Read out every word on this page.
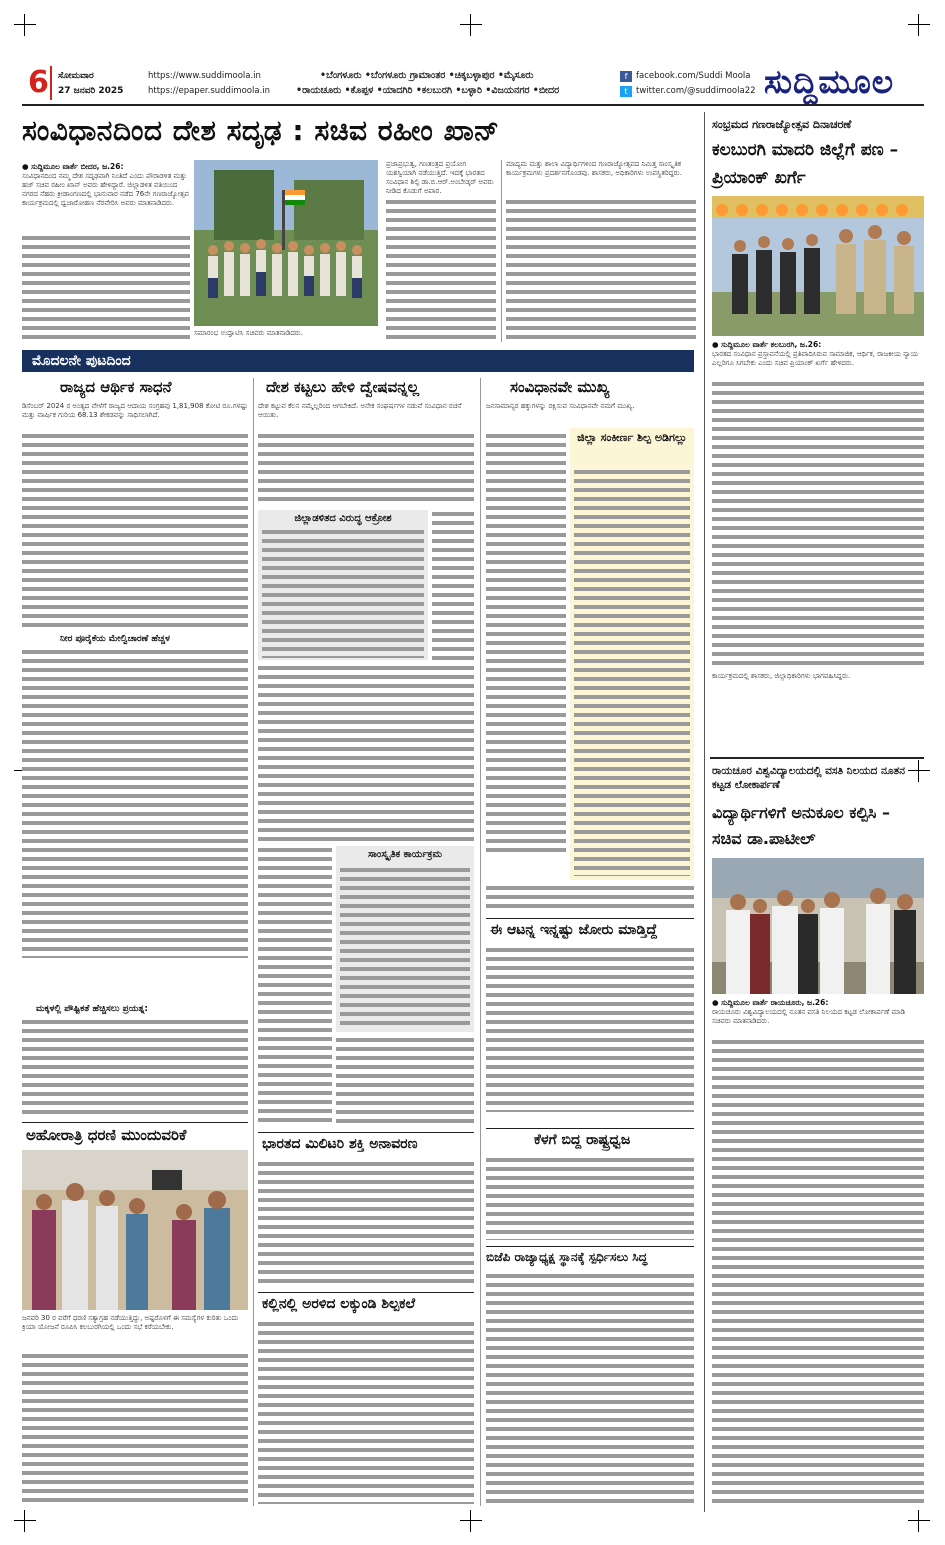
6 ಸೋಮವಾರ
27 ಜನವರಿ 2025
https://www.suddimoola.in
https://epaper.suddimoola.in
•ಬೆಂಗಳೂರು •ಬೆಂಗಳೂರು ಗ್ರಾಮಾಂತರ •ಚಿಕ್ಕಬಳ್ಳಾಪುರ •ಮೈಸೂರು
•ರಾಯಚೂರು •ಕೊಪ್ಪಳ •ಯಾದಗಿರಿ •ಕಲಬುರಗಿ •ಬಳ್ಳಾರಿ •ವಿಜಯನಗರ •ಬೀದರ
f	facebook.com/Suddi Moola
t twitter.com/@suddimoola22 ಸುದ್ದಿಮೂಲ
ಸಂವಿಧಾನದಿಂದ ದೇಶ ಸದೃಢ : ಸಚಿವ ರಹೀಂ ಖಾನ್
● ಸುದ್ದಿಮೂಲ ವಾರ್ತೆ ಬೀದರ, ಜ.26:
ಸಂವಿಧಾನದಿಂದ ನಮ್ಮ ದೇಶ ಸದೃಢವಾಗಿ ನಿಂತಿದೆ ಎಂದು ಪೌರಾಡಳಿತ ಮತ್ತು ಹಜ್ ಸಚಿವ ರಹೀಂ ಖಾನ್ ಅವರು ಹೇಳಿದ್ದಾರೆ. ಜಿಲ್ಲಾಡಳಿತ ವತಿಯಿಂದ ನಗರದ ನೆಹರು ಕ್ರೀಡಾಂಗಣದಲ್ಲಿ ಭಾನುವಾರ ನಡೆದ 76ನೇ ಗಣರಾಜ್ಯೋತ್ಸವ ಕಾರ್ಯಕ್ರಮದಲ್ಲಿ ಧ್ವಜಾರೋಹಣ ನೆರವೇರಿಸಿ ಅವರು ಮಾತನಾಡಿದರು.
ಸಮಾರಂಭ ಉದ್ಘಾಟಿಸಿ ಸಚಿವರು ಮಾತನಾಡಿದರು.
ಪ್ರಜಾಪ್ರಭುತ್ವ, ಗಣತಂತ್ರದ ಪ್ರಯೋಗ ಯಶಸ್ವಿಯಾಗಿ ನಡೆಯುತ್ತಿದೆ. ಇದಕ್ಕೆ ಭಾರತದ ಸಂವಿಧಾನ ಶಿಲ್ಪಿ ಡಾ.ಬಿ.ಆರ್.ಅಂಬೇಡ್ಕರ್ ಅವರು ನೀಡಿದ ಕೊಡುಗೆ ಅಪಾರ.
ಮಾದ್ಯಮ ಮತ್ತು ಶಾಲಾ ವಿದ್ಯಾರ್ಥಿಗಳಿಂದ ಗಣರಾಜ್ಯೋತ್ಸವದ ನಿಮಿತ್ತ ಸಾಂಸ್ಕೃತಿಕ ಕಾರ್ಯಕ್ರಮಗಳು ಪ್ರದರ್ಶನಗೊಂಡವು. ಶಾಸಕರು, ಅಧಿಕಾರಿಗಳು ಉಪಸ್ಥಿತರಿದ್ದರು.
ಸಂಭ್ರಮದ ಗಣರಾಜ್ಯೋತ್ಸವ ದಿನಾಚರಣೆ
ಕಲಬುರಗಿ ಮಾದರಿ ಜಿಲ್ಲೆಗೆ ಪಣ – ಪ್ರಿಯಾಂಕ್ ಖರ್ಗೆ
● ಸುದ್ದಿಮೂಲ ವಾರ್ತೆ ಕಲಬುರಗಿ, ಜ.26:
ಭಾರತದ ಸಂವಿಧಾನ ಪ್ರಸ್ತಾವನೆಯಲ್ಲಿ ಪ್ರತಿಪಾದಿಸಿರುವ ಸಾಮಾಜಿಕ, ಆರ್ಥಿಕ, ರಾಜಕೀಯ ನ್ಯಾಯ ಎಲ್ಲರಿಗೂ ಸಿಗಬೇಕು ಎಂದು ಸಚಿವ ಪ್ರಿಯಾಂಕ್ ಖರ್ಗೆ ಹೇಳಿದರು.
ಕಾರ್ಯಕ್ರಮದಲ್ಲಿ ಶಾಸಕರು, ಜಿಲ್ಲಾಧಿಕಾರಿಗಳು ಭಾಗವಹಿಸಿದ್ದರು.
ಮೊದಲನೇ ಪುಟದಿಂದ
ರಾಜ್ಯದ ಆರ್ಥಿಕ ಸಾಧನೆ
ಡಿಸೆಂಬರ್ 2024 ರ ಅಂತ್ಯದ ವೇಳೆಗೆ ರಾಜ್ಯದ ಆದಾಯ ಸಂಗ್ರಹವು 1,81,908 ಕೋಟಿ ರೂ.ಗಳಷ್ಟು ಮತ್ತು ವಾರ್ಷಿಕ ಗುರಿಯ 68.13 ಶೇಕಡವನ್ನು ಸಾಧಿಸಲಾಗಿದೆ.
ನೀರ ಪೂರೈಕೆಯ ಮೇಲ್ವಿಚಾರಣೆ ಹೆಚ್ಚಳ
ಮಕ್ಕಳಲ್ಲಿ ಪೌಷ್ಟಿಕತೆ ಹೆಚ್ಚಿಸಲು ಪ್ರಯತ್ನ:
ಅಹೋರಾತ್ರಿ ಧರಣಿ ಮುಂದುವರಿಕೆ
ಜನವರಿ 30 ರ ವರೆಗೆ ಧರಣಿ ಸತ್ಯಾಗ್ರಹ ನಡೆಯುತ್ತಿದ್ದು, ಅಷ್ಟರೊಳಗೆ ಈ ಸಮಸ್ಯೆಗಳ ಕುರಿತು ಒಂದು ಕ್ರಿಯಾ ಯೋಜನೆ ರೂಪಿಸಿ ಕಲಬುರಗಿಯಲ್ಲಿ ಒಂದು ಸಭೆ ಕರೆಯಬೇಕು.
ದೇಶ ಕಟ್ಟಲು ಹೇಳಿ ದ್ವೇಷವನ್ನಲ್ಲ
ದೇಶ ಕಟ್ಟುವ ಕೆಲಸ ನಮ್ಮೆಲ್ಲರಿಂದ ಆಗಬೇಕಿದೆ. ಅನೇಕ ಸಂಘರ್ಷಗಳ ನಡುವೆ ಸಂವಿಧಾನ ರಚನೆ ಆಯಿತು.
ಜಿಲ್ಲಾಡಳಿತದ ವಿರುದ್ಧ ಆಕ್ರೋಶ
ಸಾಂಸ್ಕೃತಿಕ ಕಾರ್ಯಕ್ರಮ
ಭಾರತದ ಮಿಲಿಟರಿ ಶಕ್ತಿ ಅನಾವರಣ
ಕಲ್ಲಿನಲ್ಲಿ ಅರಳಿದ ಲಕ್ಕುಂಡಿ ಶಿಲ್ಪಕಲೆ
ಸಂವಿಧಾನವೇ ಮುಖ್ಯ
ಜನಸಾಮಾನ್ಯರ ಹಕ್ಕುಗಳನ್ನು ರಕ್ಷಿಸುವ ಸಂವಿಧಾನವೇ ನಮಗೆ ಮುಖ್ಯ.
ಜಿಲ್ಲಾ ಸಂಕೀರ್ಣ ಶಿಲ್ಪ ಅಡಿಗಲ್ಲು
ಈ ಆಟನ್ನ ಇನ್ನಷ್ಟು ಜೋರು ಮಾಡ್ತಿದ್ದೆ
ಕೆಳಗೆ ಬಿದ್ದ ರಾಷ್ಟ್ರಧ್ವಜ
ಬಿಜೆಪಿ ರಾಜ್ಯಾಧ್ಯಕ್ಷ ಸ್ಥಾನಕ್ಕೆ ಸ್ಪರ್ಧಿಸಲು ಸಿದ್ಧ
ರಾಯಚೂರ ವಿಶ್ವವಿದ್ಯಾಲಯದಲ್ಲಿ ವಸತಿ ನಿಲಯದ ನೂತನ ಕಟ್ಟಡ ಲೋಕಾರ್ಪಣೆ
ವಿದ್ಯಾರ್ಥಿಗಳಿಗೆ ಅನುಕೂಲ ಕಲ್ಪಿಸಿ – ಸಚಿವ ಡಾ.ಪಾಟೀಲ್
● ಸುದ್ದಿಮೂಲ ವಾರ್ತೆ ರಾಯಚೂರು, ಜ.26:
ರಾಯಚೂರು ವಿಶ್ವವಿದ್ಯಾಲಯದಲ್ಲಿ ನೂತನ ವಸತಿ ನಿಲಯದ ಕಟ್ಟಡ ಲೋಕಾರ್ಪಣೆ ಮಾಡಿ ಸಚಿವರು ಮಾತನಾಡಿದರು.
